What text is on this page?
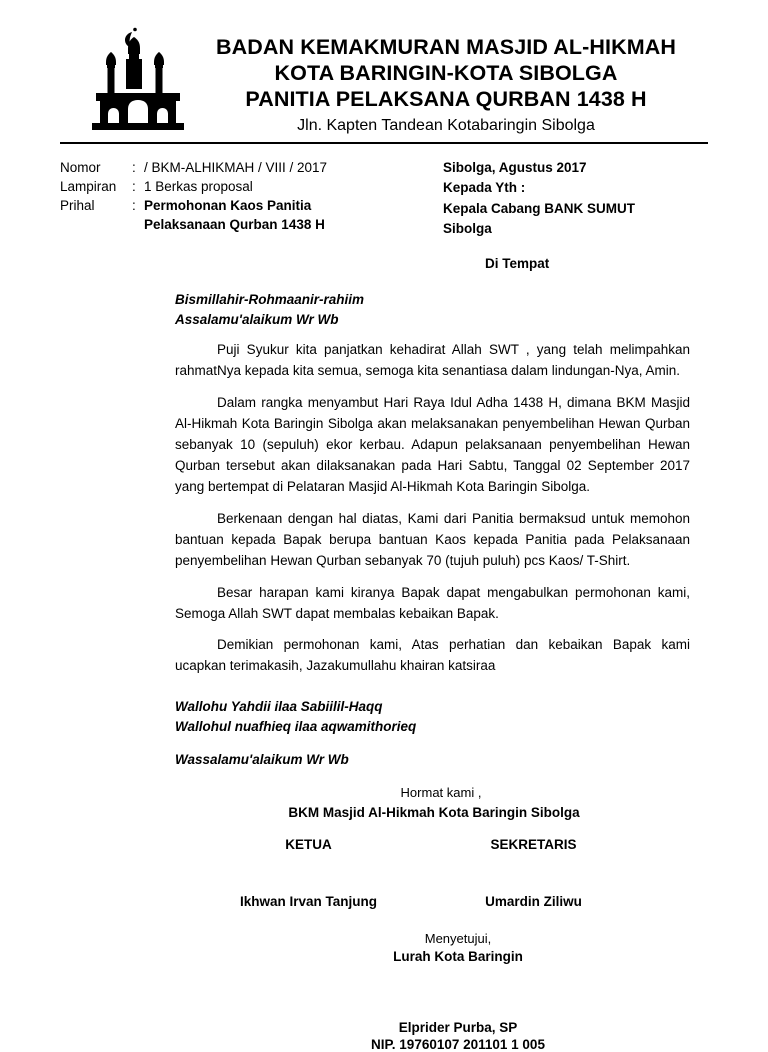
BADAN KEMAKMURAN MASJID AL-HIKMAH
KOTA BARINGIN-KOTA SIBOLGA
PANITIA PELAKSANA QURBAN 1438 H
Jln. Kapten Tandean Kotabaringin Sibolga
Nomor	: / BKM-ALHIKMAH / VIII / 2017
Lampiran	: 1 Berkas proposal
Prihal	: Permohonan Kaos Panitia
Pelaksanaan Qurban 1438 H
Sibolga, Agustus 2017
Kepada Yth :
Kepala Cabang BANK SUMUT
Sibolga
Di Tempat
Bismillahir-Rohmaanir-rahiim
Assalamu'alaikum Wr Wb

Puji Syukur kita panjatkan kehadirat Allah SWT , yang telah melimpahkan rahmatNya kepada kita semua, semoga kita senantiasa dalam lindungan-Nya, Amin.

Dalam rangka menyambut Hari Raya Idul Adha 1438 H, dimana BKM Masjid Al-Hikmah Kota Baringin Sibolga akan melaksanakan penyembelihan Hewan Qurban sebanyak 10 (sepuluh) ekor kerbau. Adapun pelaksanaan penyembelihan Hewan Qurban tersebut akan dilaksanakan pada Hari Sabtu, Tanggal 02 September 2017 yang bertempat di Pelataran Masjid Al-Hikmah Kota Baringin Sibolga.

Berkenaan dengan hal diatas, Kami dari Panitia bermaksud untuk memohon bantuan kepada Bapak berupa bantuan Kaos kepada Panitia pada Pelaksanaan penyembelihan Hewan Qurban sebanyak 70 (tujuh puluh) pcs Kaos/ T-Shirt.

Besar harapan kami kiranya Bapak dapat mengabulkan permohonan kami, Semoga Allah SWT dapat membalas kebaikan Bapak.

Demikian permohonan kami, Atas perhatian dan kebaikan Bapak kami ucapkan terimakasih, Jazakumullahu khairan katsiraa

Wallohu Yahdii ilaa Sabiilil-Haqq
Wallohul nuafhieq ilaa aqwamithorieq
Wassalamu'alaikum Wr Wb
Hormat kami ,
BKM Masjid Al-Hikmah Kota Baringin Sibolga
KETUA	SEKRETARIS
Ikhwan Irvan Tanjung	Umardin Ziliwu
Menyetujui,
Lurah Kota Baringin
Elprider Purba, SP
NIP. 19760107 201101 1 005
